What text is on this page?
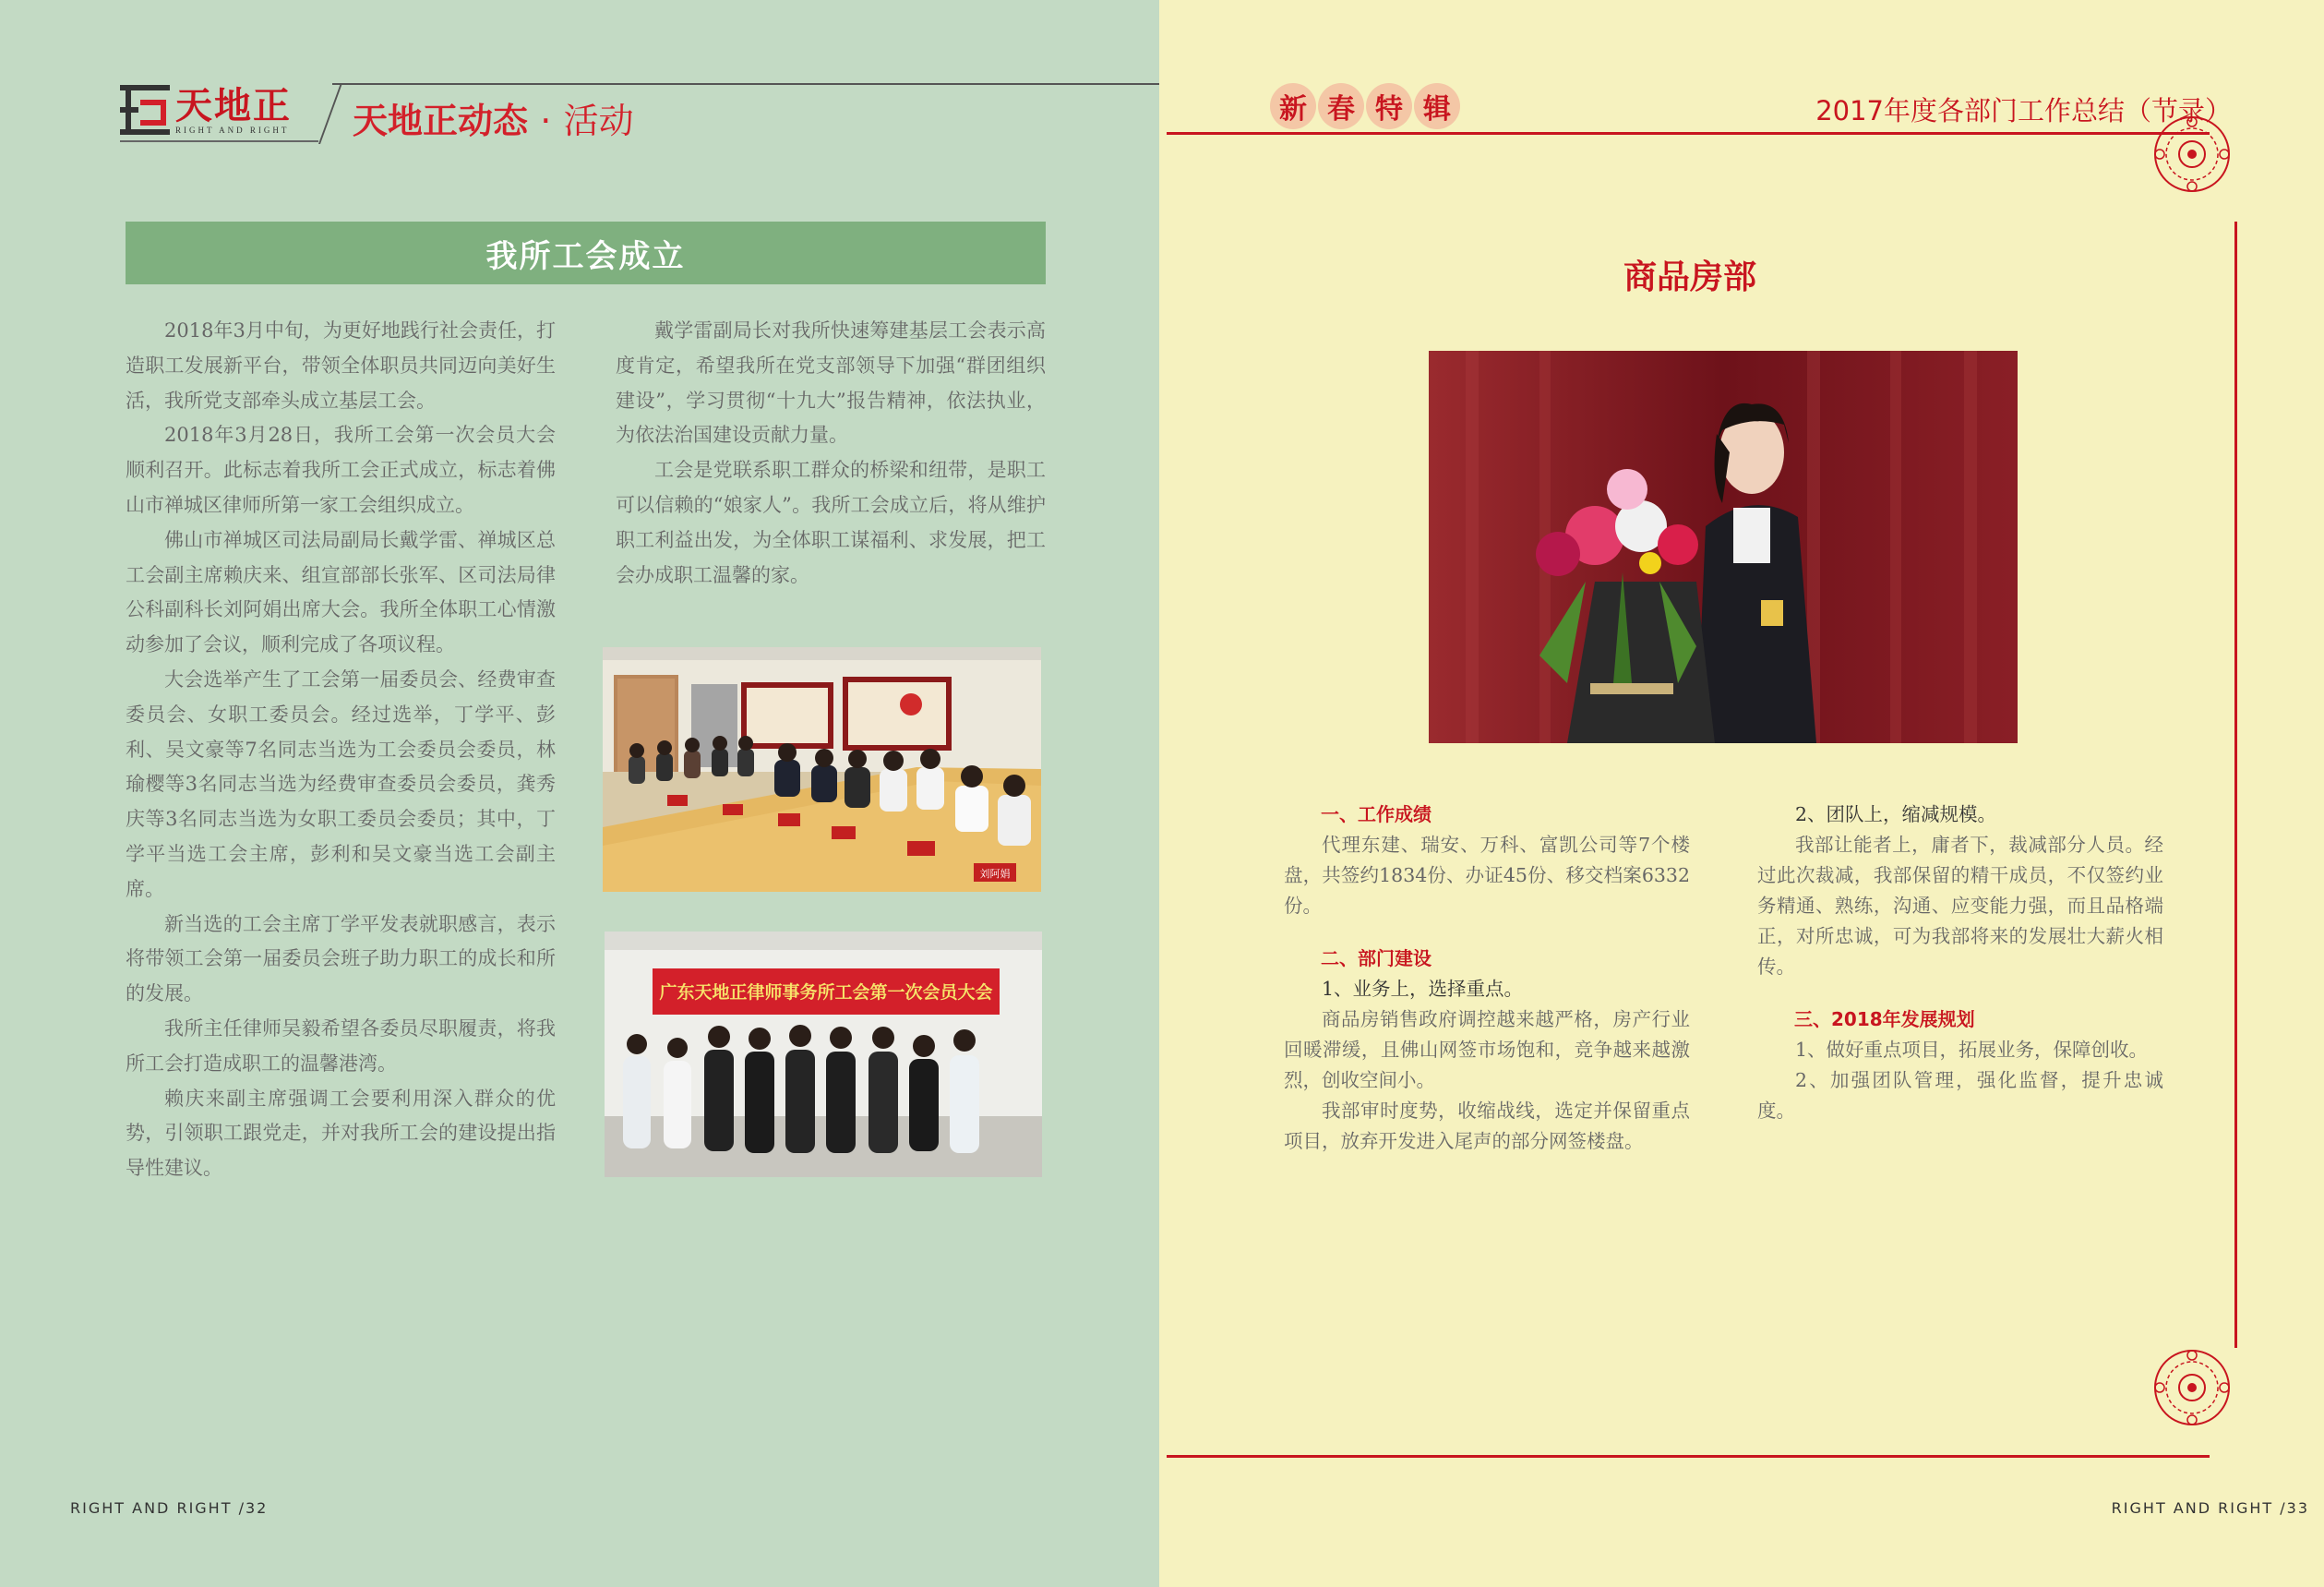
天地正
RIGHT AND RIGHT 天地正动态 · 活动
我所工会成立

2018年3月中旬，为更好地践行社会责任，打造职工发展新平台，带领全体职员共同迈向美好生活，我所党支部牵头成立基层工会。

2018年3月28日，我所工会第一次会员大会顺利召开。此标志着我所工会正式成立，标志着佛山市禅城区律师所第一家工会组织成立。

佛山市禅城区司法局副局长戴学雷、禅城区总工会副主席赖庆来、组宣部部长张军、区司法局律公科副科长刘阿娟出席大会。我所全体职工心情激动参加了会议，顺利完成了各项议程。

大会选举产生了工会第一届委员会、经费审查委员会、女职工委员会。经过选举，丁学平、彭利、吴文豪等7名同志当选为工会委员会委员，林瑜樱等3名同志当选为经费审查委员会委员，龚秀庆等3名同志当选为女职工委员会委员；其中，丁学平当选工会主席，彭利和吴文豪当选工会副主席。

新当选的工会主席丁学平发表就职感言，表示将带领工会第一届委员会班子助力职工的成长和所的发展。

我所主任律师吴毅希望各委员尽职履责，将我所工会打造成职工的温馨港湾。

赖庆来副主席强调工会要利用深入群众的优势，引领职工跟党走，并对我所工会的建设提出指导性建议。

戴学雷副局长对我所快速筹建基层工会表示高度肯定，希望我所在党支部领导下加强“群团组织建设”，学习贯彻“十九大”报告精神，依法执业，为依法治国建设贡献力量。

工会是党联系职工群众的桥梁和纽带，是职工可以信赖的“娘家人”。我所工会成立后，将从维护职工利益出发，为全体职工谋福利、求发展，把工会办成职工温馨的家。

刘阿娟
广东天地正律师事务所工会第一次会员大会
RIGHT AND RIGHT /32
新 春 特 辑	2017年度各部门工作总结（节录）
商品房部

一、工作成绩

代理东建、瑞安、万科、富凯公司等7个楼盘，共签约1834份、办证45份、移交档案6332份。

二、部门建设

1、业务上，选择重点。

商品房销售政府调控越来越严格，房产行业回暖滞缓，且佛山网签市场饱和，竞争越来越激烈，创收空间小。

我部审时度势，收缩战线，选定并保留重点项目，放弃开发进入尾声的部分网签楼盘。

2、团队上，缩减规模。

我部让能者上，庸者下，裁减部分人员。经过此次裁减，我部保留的精干成员，不仅签约业务精通、熟练，沟通、应变能力强，而且品格端正，对所忠诚，可为我部将来的发展壮大薪火相传。

三、2018年发展规划

1、做好重点项目，拓展业务，保障创收。

2、加强团队管理，强化监督，提升忠诚度。

RIGHT AND RIGHT /33
